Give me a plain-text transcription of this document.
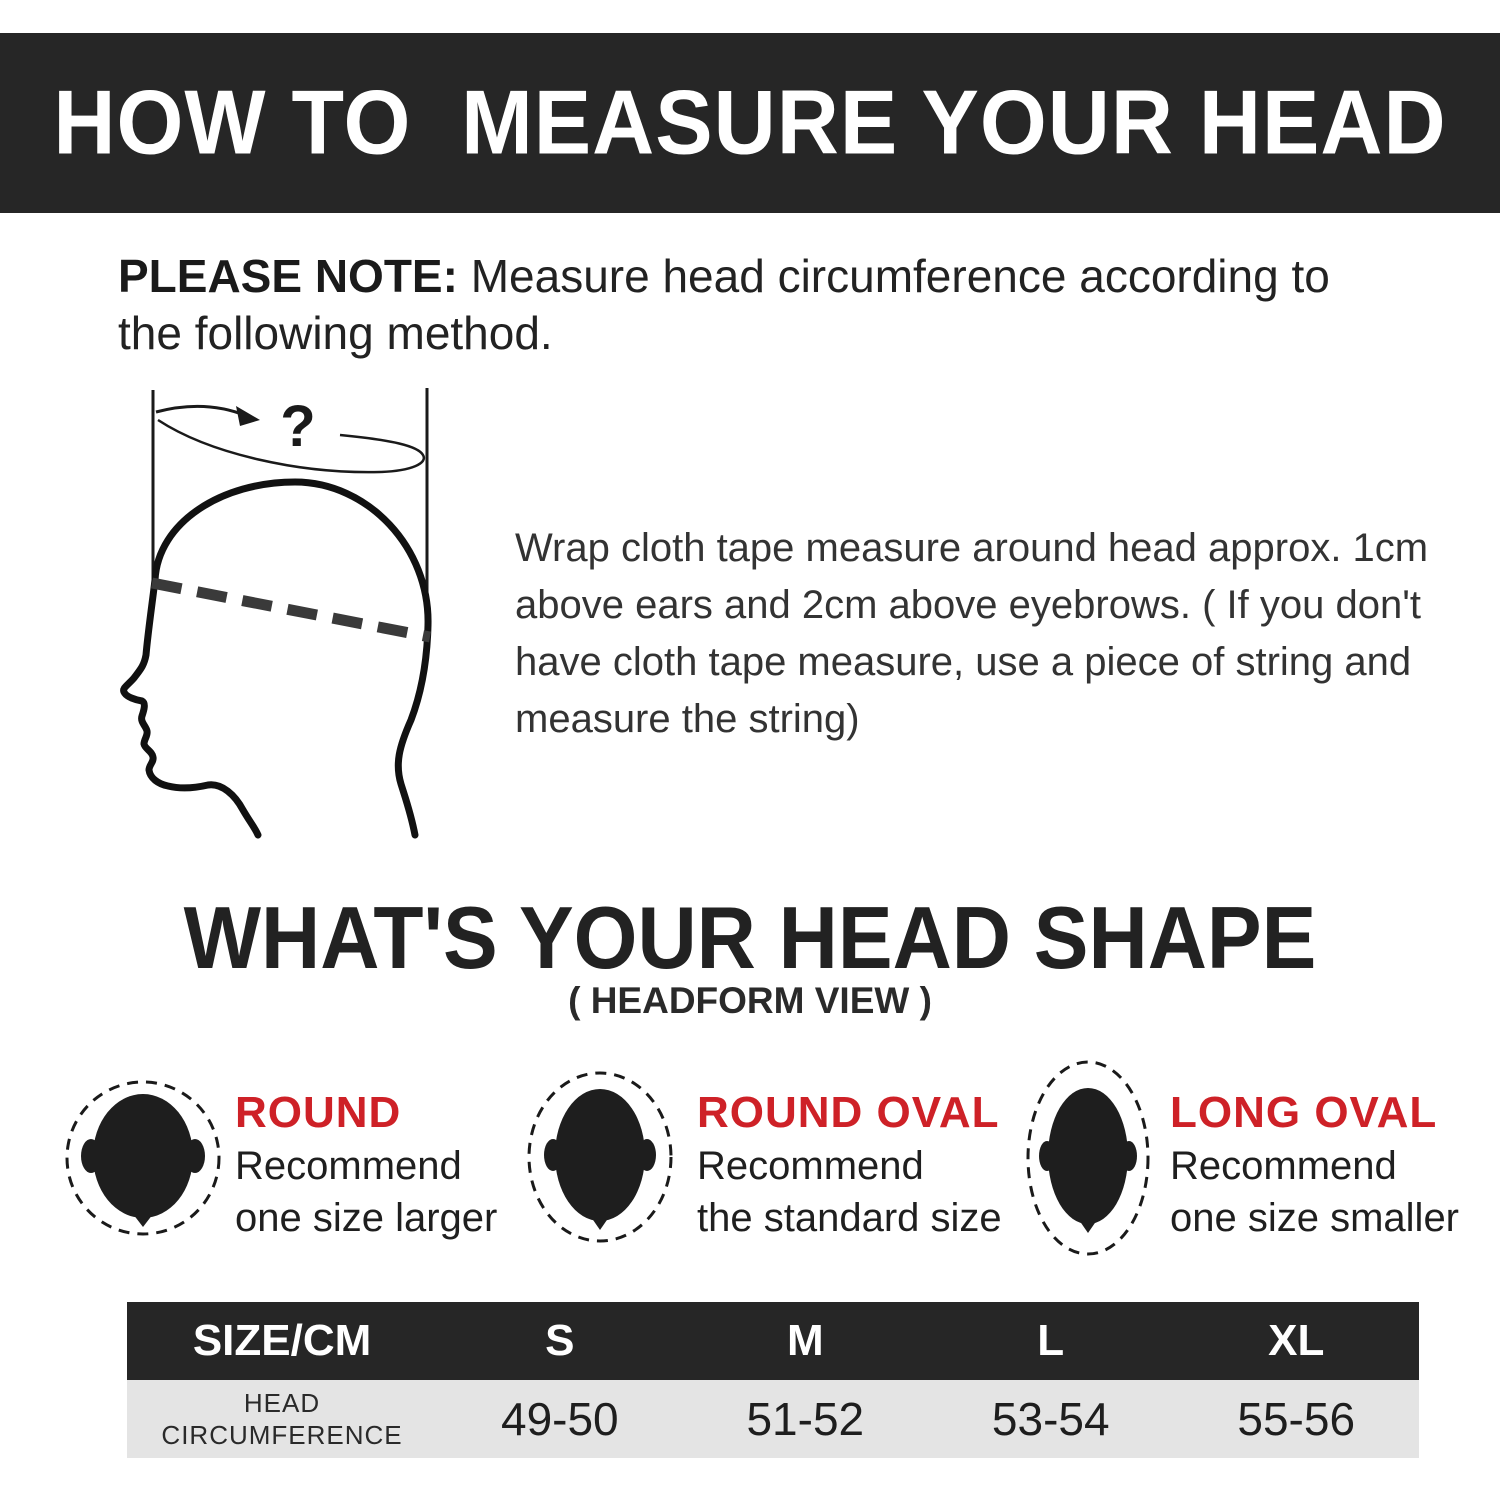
HOW TO  MEASURE YOUR HEAD
PLEASE NOTE: Measure head circumference according to
the following method.
?
Wrap cloth tape measure around head approx. 1cm
above ears and 2cm above eyebrows. ( If you don't
have cloth tape measure, use a piece of string and
measure the string)
WHAT'S YOUR HEAD SHAPE
( HEADFORM VIEW )
ROUND
Recommend
one size larger
ROUND OVAL
Recommend
the standard size
LONG OVAL
Recommend
one size smaller
SIZE/CM	S	M	L	XL
HEAD
CIRCUMFERENCE	49-50	51-52	53-54	55-56
